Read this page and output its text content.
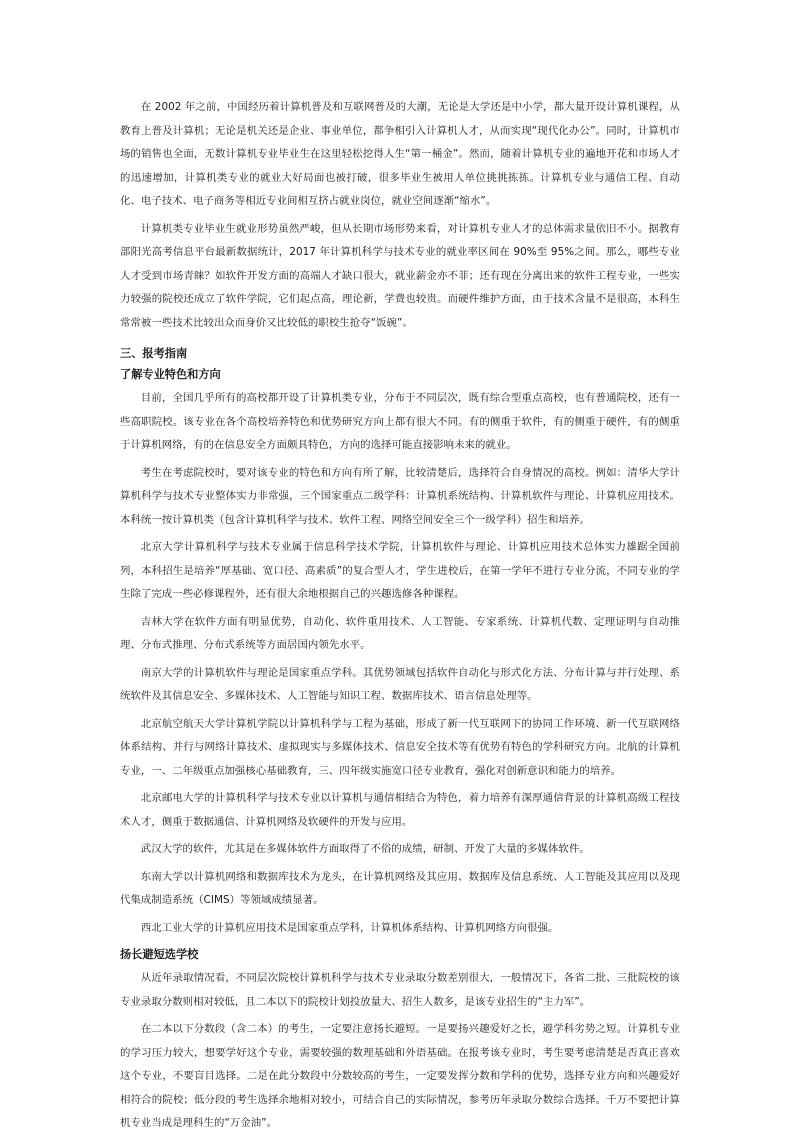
在 2002 年之前，中国经历着计算机普及和互联网普及的大潮，无论是大学还是中小学，都大量开设计算机课程，从教育上普及计算机；无论是机关还是企业、事业单位，都争相引入计算机人才，从而实现“现代化办公”。同时，计算机市场的销售也全面，无数计算机专业毕业生在这里轻松挖得人生“第一桶金”。然而，随着计算机专业的遍地开花和市场人才的迅速增加，计算机类专业的就业大好局面也被打破，很多毕业生被用人单位挑挑拣拣。计算机专业与通信工程、自动化、电子技术、电子商务等相近专业间相互挤占就业岗位，就业空间逐渐“缩水”。

计算机类专业毕业生就业形势虽然严峻，但从长期市场形势来看，对计算机专业人才的总体需求量依旧不小。据教育部阳光高考信息平台最新数据统计，2017 年计算机科学与技术专业的就业率区间在 90%至 95%之间。那么，哪些专业人才受到市场青睐？如软件开发方面的高端人才缺口很大，就业薪金亦不菲；还有现在分离出来的软件工程专业，一些实力较强的院校还成立了软件学院，它们起点高，理论新，学费也较贵。而硬件维护方面，由于技术含量不是很高，本科生常常被一些技术比较出众而身价又比较低的职校生抢夺“饭碗”。

三、报考指南
了解专业特色和方向

目前，全国几乎所有的高校都开设了计算机类专业，分布于不同层次，既有综合型重点高校，也有普通院校，还有一些高职院校。该专业在各个高校培养特色和优势研究方向上都有很大不同。有的侧重于软件，有的侧重于硬件，有的侧重于计算机网络，有的在信息安全方面颇具特色，方向的选择可能直接影响未来的就业。

考生在考虑院校时，要对该专业的特色和方向有所了解，比较清楚后，选择符合自身情况的高校。例如：清华大学计算机科学与技术专业整体实力非常强，三个国家重点二级学科：计算机系统结构、计算机软件与理论、计算机应用技术。本科统一按计算机类（包含计算机科学与技术、软件工程、网络空间安全三个一级学科）招生和培养。

北京大学计算机科学与技术专业属于信息科学技术学院，计算机软件与理论、计算机应用技术总体实力雄踞全国前列，本科招生是培养“厚基础、宽口径、高素质”的复合型人才，学生进校后，在第一学年不进行专业分流，不同专业的学生除了完成一些必修课程外，还有很大余地根据自己的兴趣选修各种课程。

吉林大学在软件方面有明显优势，自动化、软件重用技术、人工智能、专家系统、计算机代数、定理证明与自动推理、分布式推理、分布式系统等方面居国内领先水平。

南京大学的计算机软件与理论是国家重点学科。其优势领域包括软件自动化与形式化方法、分布计算与并行处理、系统软件及其信息安全、多媒体技术、人工智能与知识工程、数据库技术、语言信息处理等。

北京航空航天大学计算机学院以计算机科学与工程为基础，形成了新一代互联网下的协同工作环境、新一代互联网络体系结构、并行与网络计算技术、虚拟现实与多媒体技术、信息安全技术等有优势有特色的学科研究方向。北航的计算机专业，一、二年级重点加强核心基础教育，三、四年级实施宽口径专业教育，强化对创新意识和能力的培养。

北京邮电大学的计算机科学与技术专业以计算机与通信相结合为特色，着力培养有深厚通信背景的计算机高级工程技术人才，侧重于数据通信、计算机网络及软硬件的开发与应用。

武汉大学的软件，尤其是在多媒体软件方面取得了不俗的成绩，研制、开发了大量的多媒体软件。

东南大学以计算机网络和数据库技术为龙头，在计算机网络及其应用、数据库及信息系统、人工智能及其应用以及现代集成制造系统（CIMS）等领域成绩显著。

西北工业大学的计算机应用技术是国家重点学科，计算机体系结构、计算机网络方向很强。

扬长避短选学校

从近年录取情况看，不同层次院校计算机科学与技术专业录取分数差别很大，一般情况下，各省二批、三批院校的该专业录取分数则相对较低，且二本以下的院校计划投放量大、招生人数多，是该专业招生的“主力军”。

在二本以下分数段（含二本）的考生，一定要注意扬长避短。一是要扬兴趣爱好之长，避学科劣势之短。计算机专业的学习压力较大，想要学好这个专业，需要较强的数理基础和外语基础。在报考该专业时，考生要考虑清楚是否真正喜欢这个专业，不要盲目选择。二是在此分数段中分数较高的考生，一定要发挥分数和学科的优势，选择专业方向和兴趣爱好相符合的院校；低分段的考生选择余地相对较小，可结合自己的实际情况，参考历年录取分数综合选择。千万不要把计算机专业当成是理科生的“万金油”。
